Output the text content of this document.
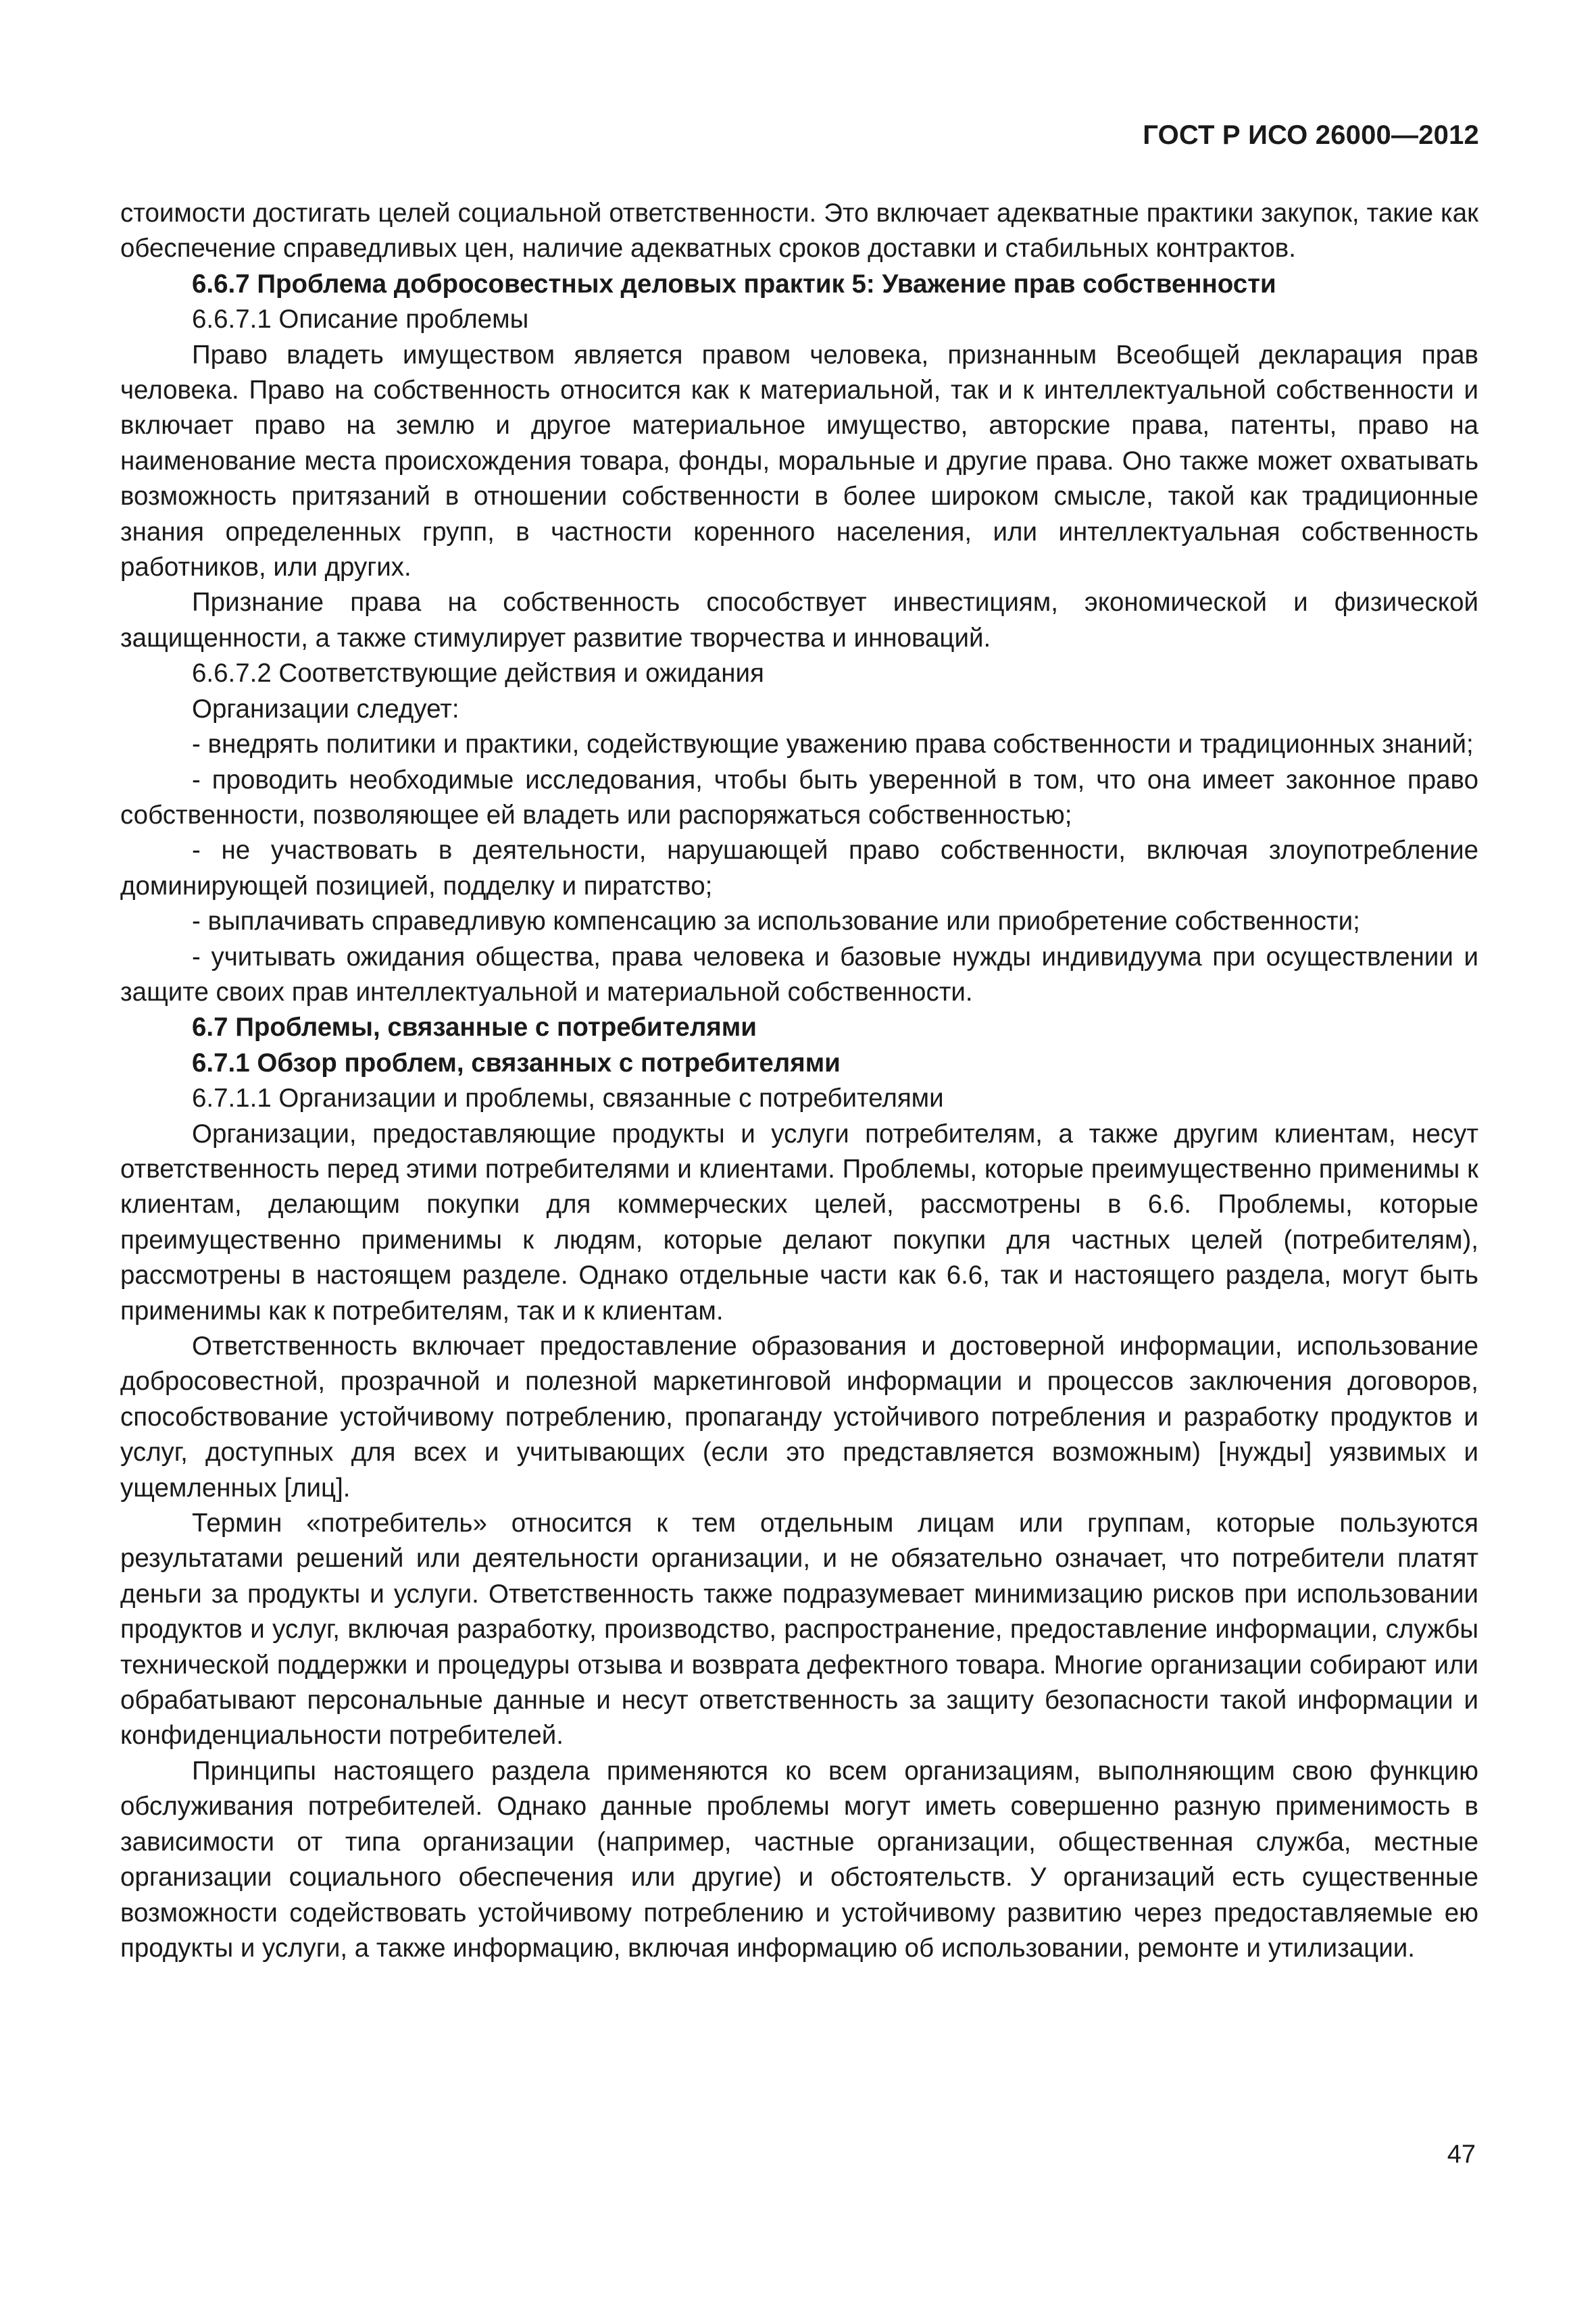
ГОСТ Р ИСО 26000—2012

стоимости достигать целей социальной ответственности. Это включает адекватные практики закупок, такие как обеспечение справедливых цен, наличие адекватных сроков доставки и стабильных контрактов.

6.6.7 Проблема добросовестных деловых практик 5: Уважение прав собственности

6.6.7.1 Описание проблемы

Право владеть имуществом является правом человека, признанным Всеобщей декларация прав человека. Право на собственность относится как к материальной, так и к интеллектуальной собственности и включает право на землю и другое материальное имущество, авторские права, патенты, право на наименование места происхождения товара, фонды, моральные и другие права. Оно также может охватывать возможность притязаний в отношении собственности в более широком смысле, такой как традиционные знания определенных групп, в частности коренного населения, или интеллектуальная собственность работников, или других.

Признание права на собственность способствует инвестициям, экономической и физической защищенности, а также стимулирует развитие творчества и инноваций.

6.6.7.2 Соответствующие действия и ожидания

Организации следует:

- внедрять политики и практики, содействующие уважению права собственности и традиционных знаний;

- проводить необходимые исследования, чтобы быть уверенной в том, что она имеет законное право собственности, позволяющее ей владеть или распоряжаться собственностью;

- не участвовать в деятельности, нарушающей право собственности, включая злоупотребление доминирующей позицией, подделку и пиратство;

- выплачивать справедливую компенсацию за использование или приобретение собственности;

- учитывать ожидания общества, права человека и базовые нужды индивидуума при осуществлении и защите своих прав интеллектуальной и материальной собственности.

6.7 Проблемы, связанные с потребителями

6.7.1 Обзор проблем, связанных с потребителями

6.7.1.1 Организации и проблемы, связанные с потребителями

Организации, предоставляющие продукты и услуги потребителям, а также другим клиентам, несут ответственность перед этими потребителями и клиентами. Проблемы, которые преимущественно применимы к клиентам, делающим покупки для коммерческих целей, рассмотрены в 6.6. Проблемы, которые преимущественно применимы к людям, которые делают покупки для частных целей (потребителям), рассмотрены в настоящем разделе. Однако отдельные части как 6.6, так и настоящего раздела, могут быть применимы как к потребителям, так и к клиентам.

Ответственность включает предоставление образования и достоверной информации, использование добросовестной, прозрачной и полезной маркетинговой информации и процессов заключения договоров, способствование устойчивому потреблению, пропаганду устойчивого потребления и разработку продуктов и услуг, доступных для всех и учитывающих (если это представляется возможным) [нужды] уязвимых и ущемленных [лиц].

Термин «потребитель» относится к тем отдельным лицам или группам, которые пользуются результатами решений или деятельности организации, и не обязательно означает, что потребители платят деньги за продукты и услуги. Ответственность также подразумевает минимизацию рисков при использовании продуктов и услуг, включая разработку, производство, распространение, предоставление информации, службы технической поддержки и процедуры отзыва и возврата дефектного товара. Многие организации собирают или обрабатывают персональные данные и несут ответственность за защиту безопасности такой информации и конфиденциальности потребителей.

Принципы настоящего раздела применяются ко всем организациям, выполняющим свою функцию обслуживания потребителей. Однако данные проблемы могут иметь совершенно разную применимость в зависимости от типа организации (например, частные организации, общественная служба, местные организации социального обеспечения или другие) и обстоятельств. У организаций есть существенные возможности содействовать устойчивому потреблению и устойчивому развитию через предоставляемые ею продукты и услуги, а также информацию, включая информацию об использовании, ремонте и утилизации.

47
